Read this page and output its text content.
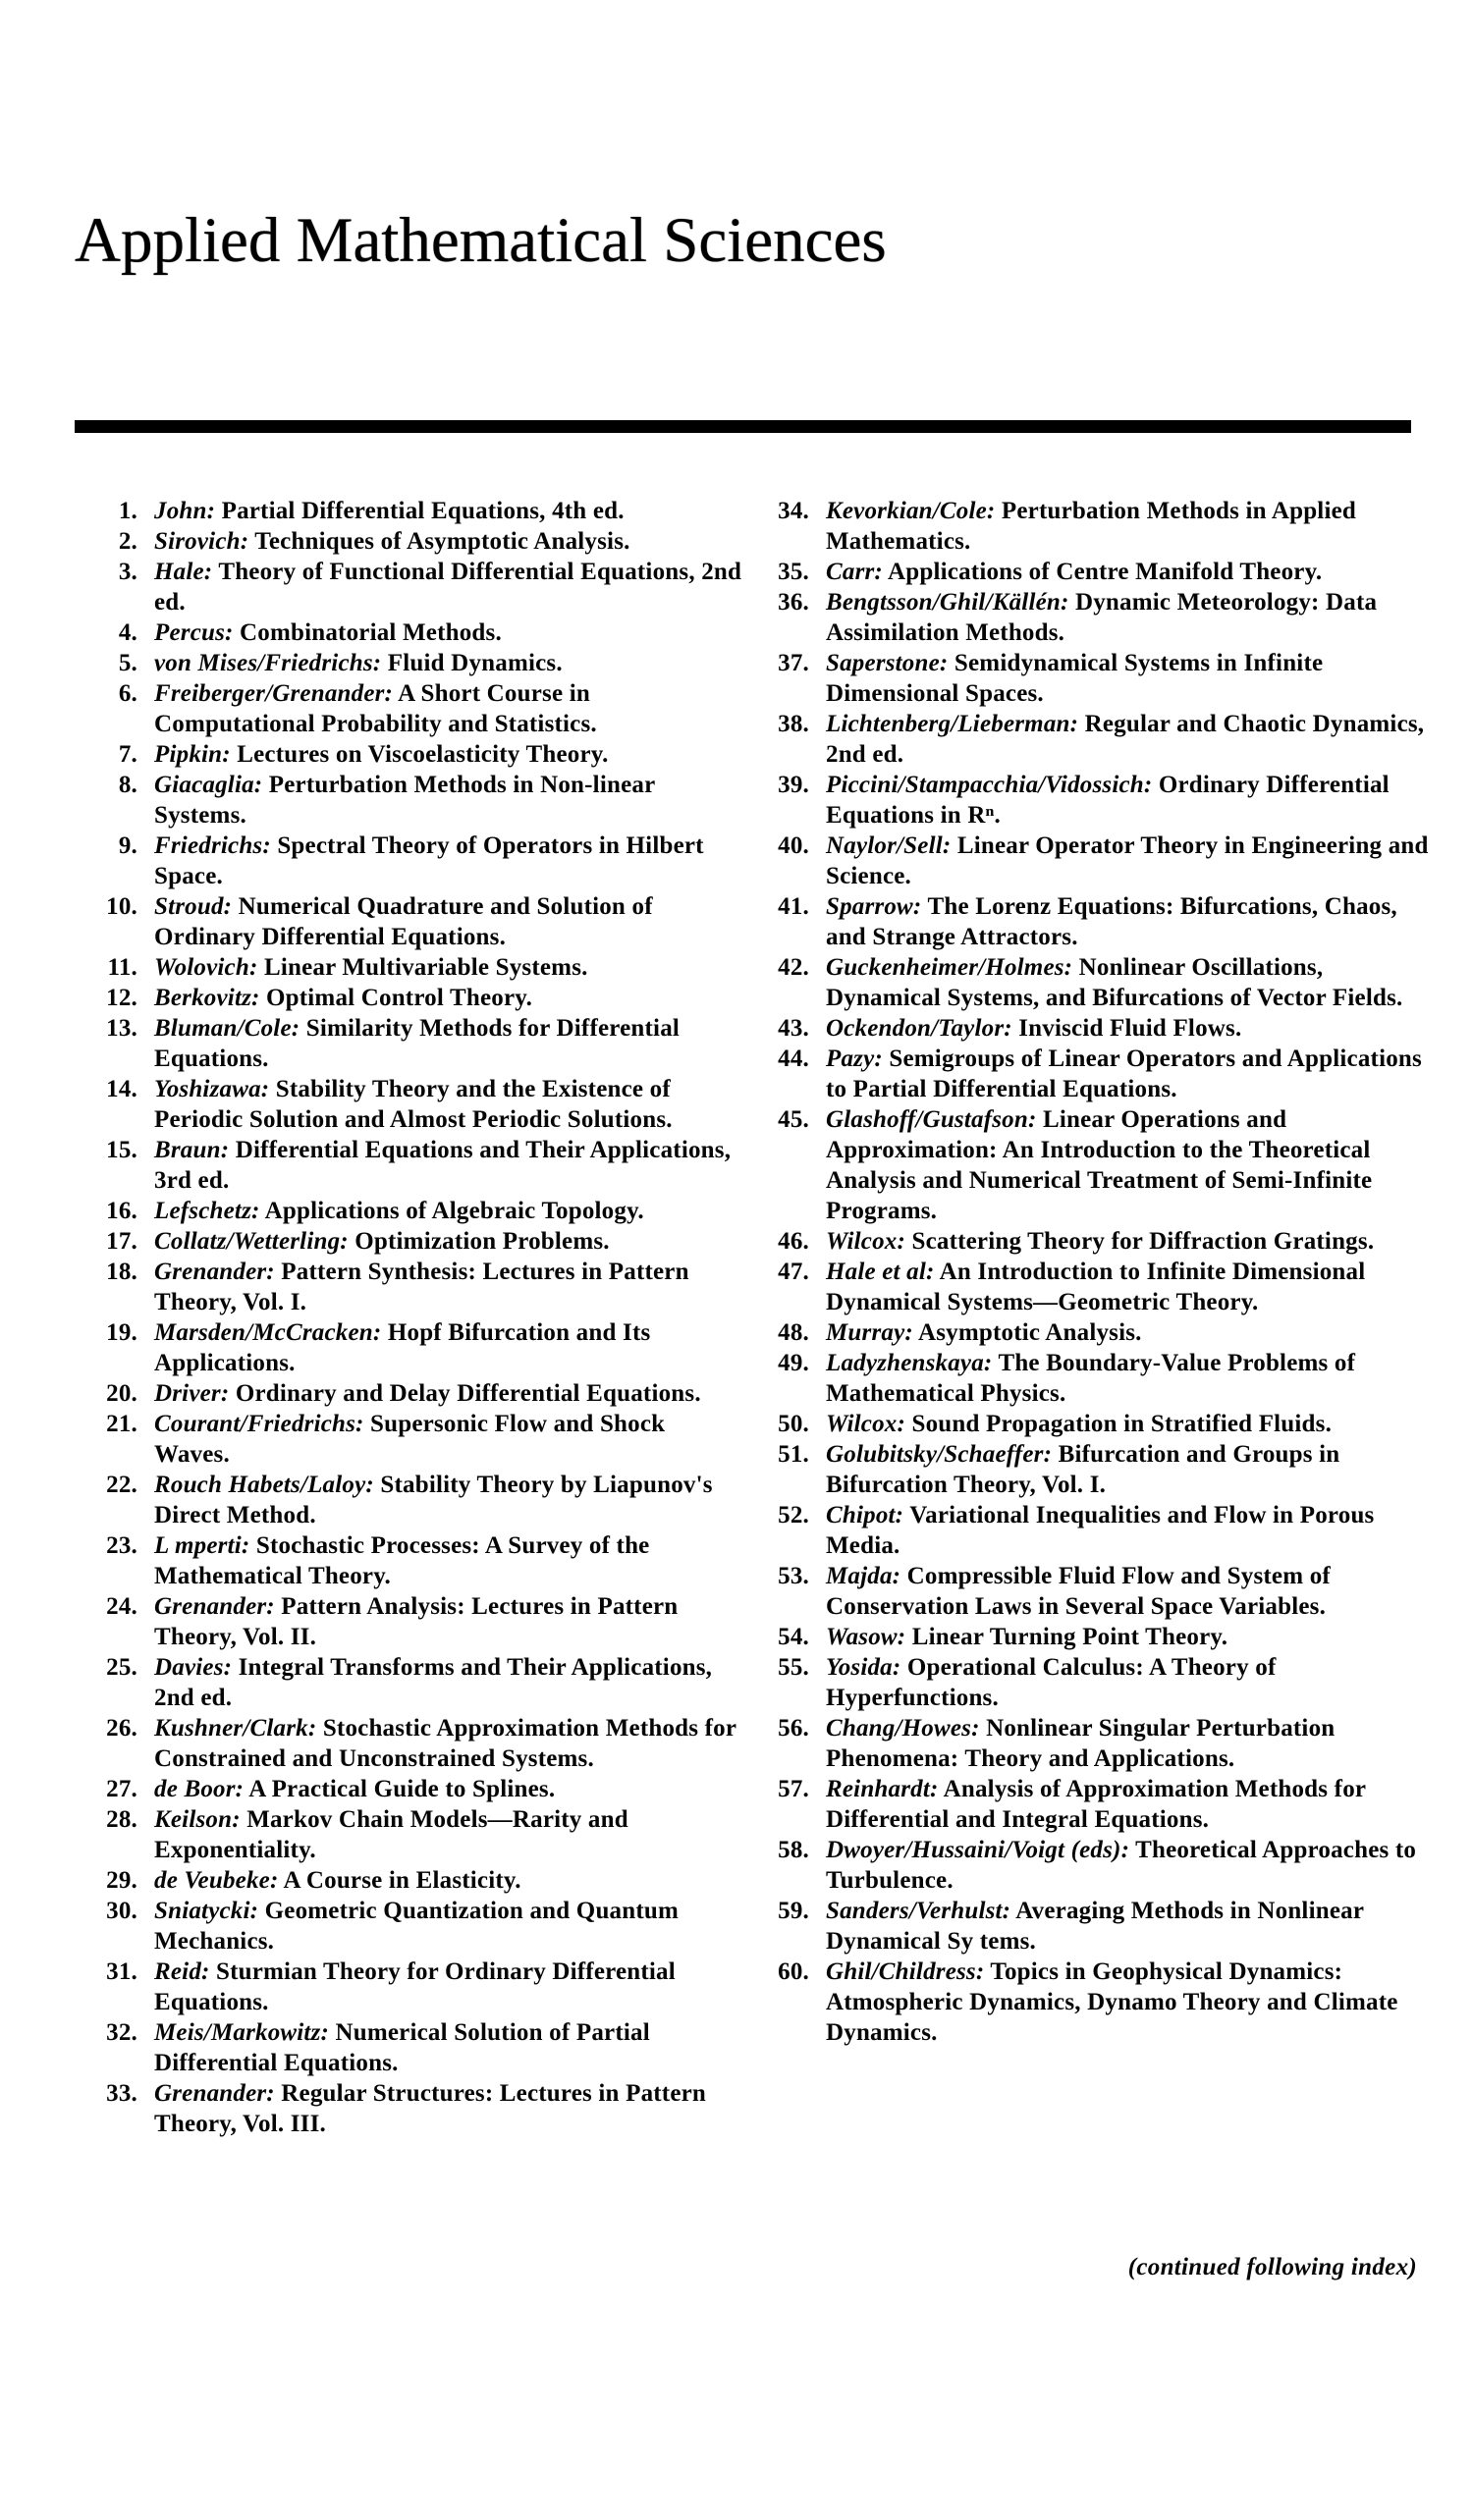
Applied Mathematical Sciences
1. John: Partial Differential Equations, 4th ed.
2. Sirovich: Techniques of Asymptotic Analysis.
3. Hale: Theory of Functional Differential Equations, 2nd ed.
4. Percus: Combinatorial Methods.
5. von Mises/Friedrichs: Fluid Dynamics.
6. Freiberger/Grenander: A Short Course in Computational Probability and Statistics.
7. Pipkin: Lectures on Viscoelasticity Theory.
8. Giacaglia: Perturbation Methods in Non-linear Systems.
9. Friedrichs: Spectral Theory of Operators in Hilbert Space.
10. Stroud: Numerical Quadrature and Solution of Ordinary Differential Equations.
11. Wolovich: Linear Multivariable Systems.
12. Berkovitz: Optimal Control Theory.
13. Bluman/Cole: Similarity Methods for Differential Equations.
14. Yoshizawa: Stability Theory and the Existence of Periodic Solution and Almost Periodic Solutions.
15. Braun: Differential Equations and Their Applications, 3rd ed.
16. Lefschetz: Applications of Algebraic Topology.
17. Collatz/Wetterling: Optimization Problems.
18. Grenander: Pattern Synthesis: Lectures in Pattern Theory, Vol. I.
19. Marsden/McCracken: Hopf Bifurcation and Its Applications.
20. Driver: Ordinary and Delay Differential Equations.
21. Courant/Friedrichs: Supersonic Flow and Shock Waves.
22. Rouch Habets/Laloy: Stability Theory by Liapunov's Direct Method.
23. L mperti: Stochastic Processes: A Survey of the Mathematical Theory.
24. Grenander: Pattern Analysis: Lectures in Pattern Theory, Vol. II.
25. Davies: Integral Transforms and Their Applications, 2nd ed.
26. Kushner/Clark: Stochastic Approximation Methods for Constrained and Unconstrained Systems.
27. de Boor: A Practical Guide to Splines.
28. Keilson: Markov Chain Models—Rarity and Exponentiality.
29. de Veubeke: A Course in Elasticity.
30. Sniatycki: Geometric Quantization and Quantum Mechanics.
31. Reid: Sturmian Theory for Ordinary Differential Equations.
32. Meis/Markowitz: Numerical Solution of Partial Differential Equations.
33. Grenander: Regular Structures: Lectures in Pattern Theory, Vol. III.
34. Kevorkian/Cole: Perturbation Methods in Applied Mathematics.
35. Carr: Applications of Centre Manifold Theory.
36. Bengtsson/Ghil/Källén: Dynamic Meteorology: Data Assimilation Methods.
37. Saperstone: Semidynamical Systems in Infinite Dimensional Spaces.
38. Lichtenberg/Lieberman: Regular and Chaotic Dynamics, 2nd ed.
39. Piccini/Stampacchia/Vidossich: Ordinary Differential Equations in Rⁿ.
40. Naylor/Sell: Linear Operator Theory in Engineering and Science.
41. Sparrow: The Lorenz Equations: Bifurcations, Chaos, and Strange Attractors.
42. Guckenheimer/Holmes: Nonlinear Oscillations, Dynamical Systems, and Bifurcations of Vector Fields.
43. Ockendon/Taylor: Inviscid Fluid Flows.
44. Pazy: Semigroups of Linear Operators and Applications to Partial Differential Equations.
45. Glashoff/Gustafson: Linear Operations and Approximation: An Introduction to the Theoretical Analysis and Numerical Treatment of Semi-Infinite Programs.
46. Wilcox: Scattering Theory for Diffraction Gratings.
47. Hale et al: An Introduction to Infinite Dimensional Dynamical Systems—Geometric Theory.
48. Murray: Asymptotic Analysis.
49. Ladyzhenskaya: The Boundary-Value Problems of Mathematical Physics.
50. Wilcox: Sound Propagation in Stratified Fluids.
51. Golubitsky/Schaeffer: Bifurcation and Groups in Bifurcation Theory, Vol. I.
52. Chipot: Variational Inequalities and Flow in Porous Media.
53. Majda: Compressible Fluid Flow and System of Conservation Laws in Several Space Variables.
54. Wasow: Linear Turning Point Theory.
55. Yosida: Operational Calculus: A Theory of Hyperfunctions.
56. Chang/Howes: Nonlinear Singular Perturbation Phenomena: Theory and Applications.
57. Reinhardt: Analysis of Approximation Methods for Differential and Integral Equations.
58. Dwoyer/Hussaini/Voigt (eds): Theoretical Approaches to Turbulence.
59. Sanders/Verhulst: Averaging Methods in Nonlinear Dynamical Sy tems.
60. Ghil/Childress: Topics in Geophysical Dynamics: Atmospheric Dynamics, Dynamo Theory and Climate Dynamics.
(continued following index)
